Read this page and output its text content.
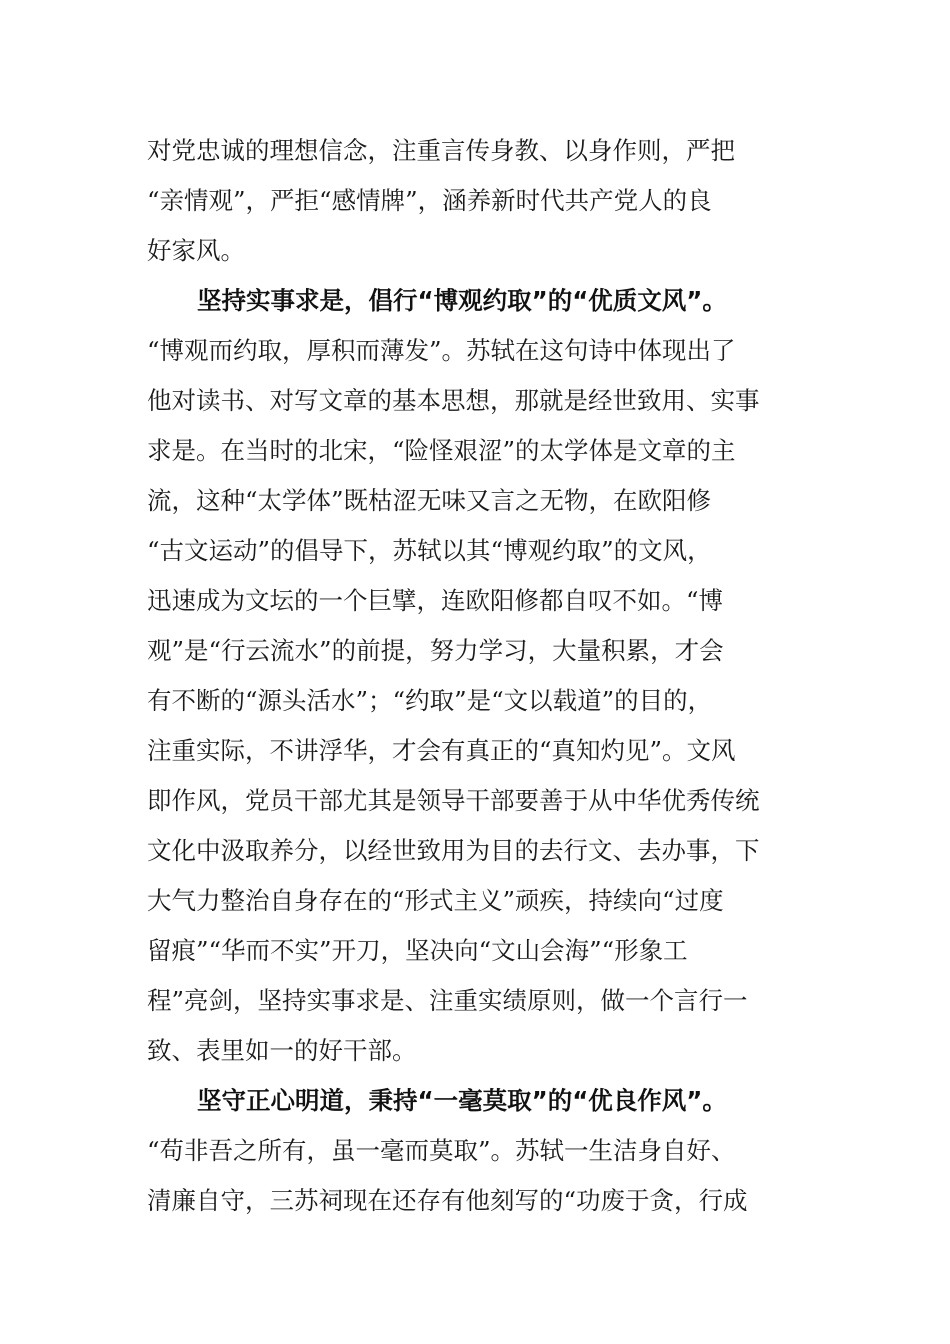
对党忠诚的理想信念，注重言传身教、以身作则，严把
“亲情观”，严拒“感情牌”，涵养新时代共产党人的良
好家风。
坚持实事求是，倡行“博观约取”的“优质文风”。
“博观而约取，厚积而薄发”。苏轼在这句诗中体现出了
他对读书、对写文章的基本思想，那就是经世致用、实事
求是。在当时的北宋，“险怪艰涩”的太学体是文章的主
流，这种“太学体”既枯涩无味又言之无物，在欧阳修
“古文运动”的倡导下，苏轼以其“博观约取”的文风，
迅速成为文坛的一个巨擘，连欧阳修都自叹不如。“博
观”是“行云流水”的前提，努力学习，大量积累，才会
有不断的“源头活水”；“约取”是“文以载道”的目的，
注重实际，不讲浮华，才会有真正的“真知灼见”。文风
即作风，党员干部尤其是领导干部要善于从中华优秀传统
文化中汲取养分，以经世致用为目的去行文、去办事，下
大气力整治自身存在的“形式主义”顽疾，持续向“过度
留痕”“华而不实”开刀，坚决向“文山会海”“形象工
程”亮剑，坚持实事求是、注重实绩原则，做一个言行一
致、表里如一的好干部。
坚守正心明道，秉持“一毫莫取”的“优良作风”。
“苟非吾之所有，虽一毫而莫取”。苏轼一生洁身自好、
清廉自守，三苏祠现在还存有他刻写的“功废于贪，行成
